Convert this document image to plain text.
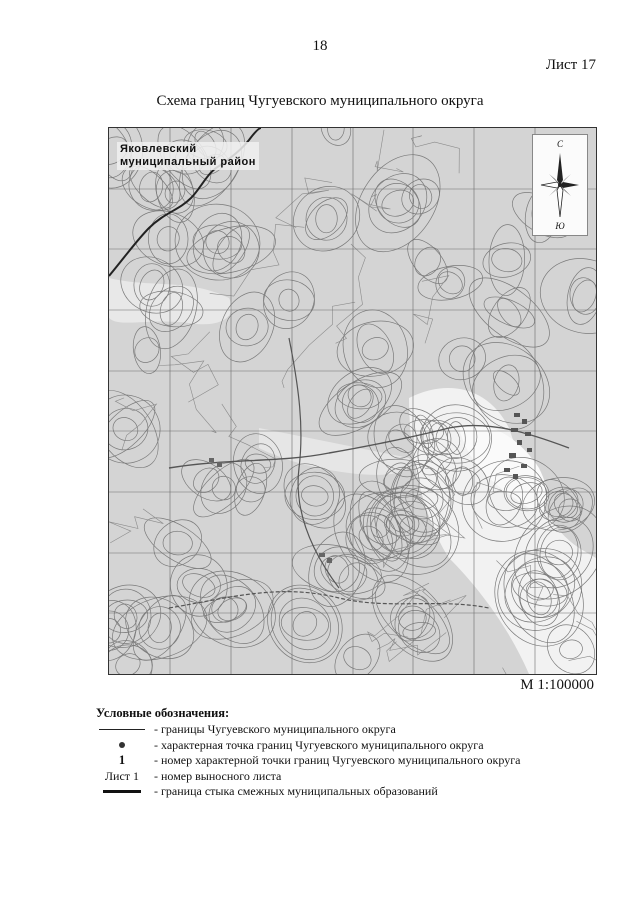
18
Лист 17
Схема границ Чугуевского муниципального округа
Яковлевский
муниципальный район
С
Ю
М 1:100000
Условные обозначения:
- границы Чугуевского муниципального округа
- характерная точка границ Чугуевского муниципального округа
1 - номер характерной точки границ Чугуевского муниципального округа
Лист 1 - номер выносного листа
- граница стыка смежных муниципальных образований
